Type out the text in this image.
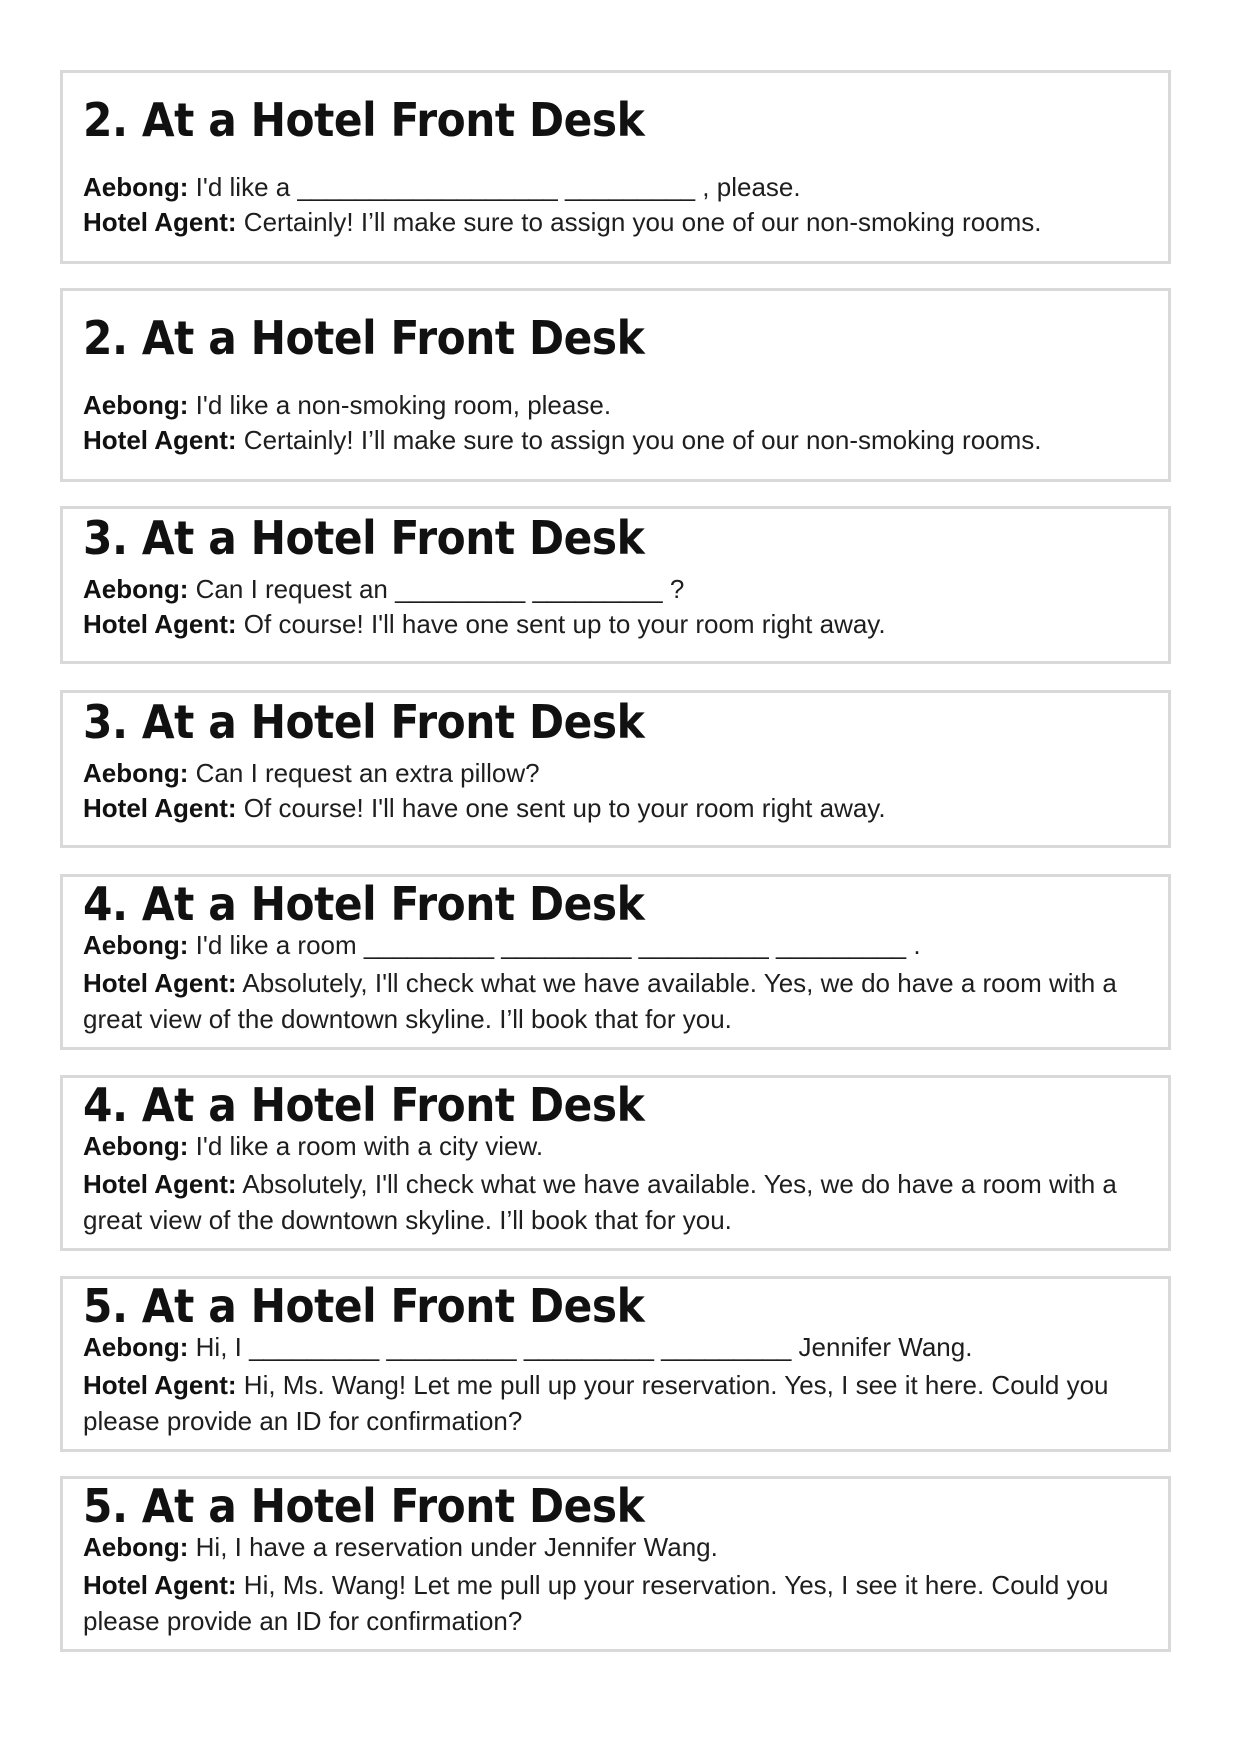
2. At a Hotel Front Desk

Aebong: I'd like a __________________ _________ , please.

Hotel Agent: Certainly! I’ll make sure to assign you one of our non-smoking rooms.

2. At a Hotel Front Desk

Aebong: I'd like a non-smoking room, please.

Hotel Agent: Certainly! I’ll make sure to assign you one of our non-smoking rooms.

3. At a Hotel Front Desk

Aebong: Can I request an _________ _________ ?

Hotel Agent: Of course! I'll have one sent up to your room right away.

3. At a Hotel Front Desk

Aebong: Can I request an extra pillow?

Hotel Agent: Of course! I'll have one sent up to your room right away.

4. At a Hotel Front Desk

Aebong: I'd like a room _________ _________ _________ _________ .

Hotel Agent: Absolutely, I'll check what we have available. Yes, we do have a room with a great view of the downtown skyline. I’ll book that for you.

4. At a Hotel Front Desk

Aebong: I'd like a room with a city view.

Hotel Agent: Absolutely, I'll check what we have available. Yes, we do have a room with a great view of the downtown skyline. I’ll book that for you.

5. At a Hotel Front Desk

Aebong: Hi, I _________ _________ _________ _________ Jennifer Wang.

Hotel Agent: Hi, Ms. Wang! Let me pull up your reservation. Yes, I see it here. Could you please provide an ID for confirmation?

5. At a Hotel Front Desk

Aebong: Hi, I have a reservation under Jennifer Wang.

Hotel Agent: Hi, Ms. Wang! Let me pull up your reservation. Yes, I see it here. Could you please provide an ID for confirmation?
